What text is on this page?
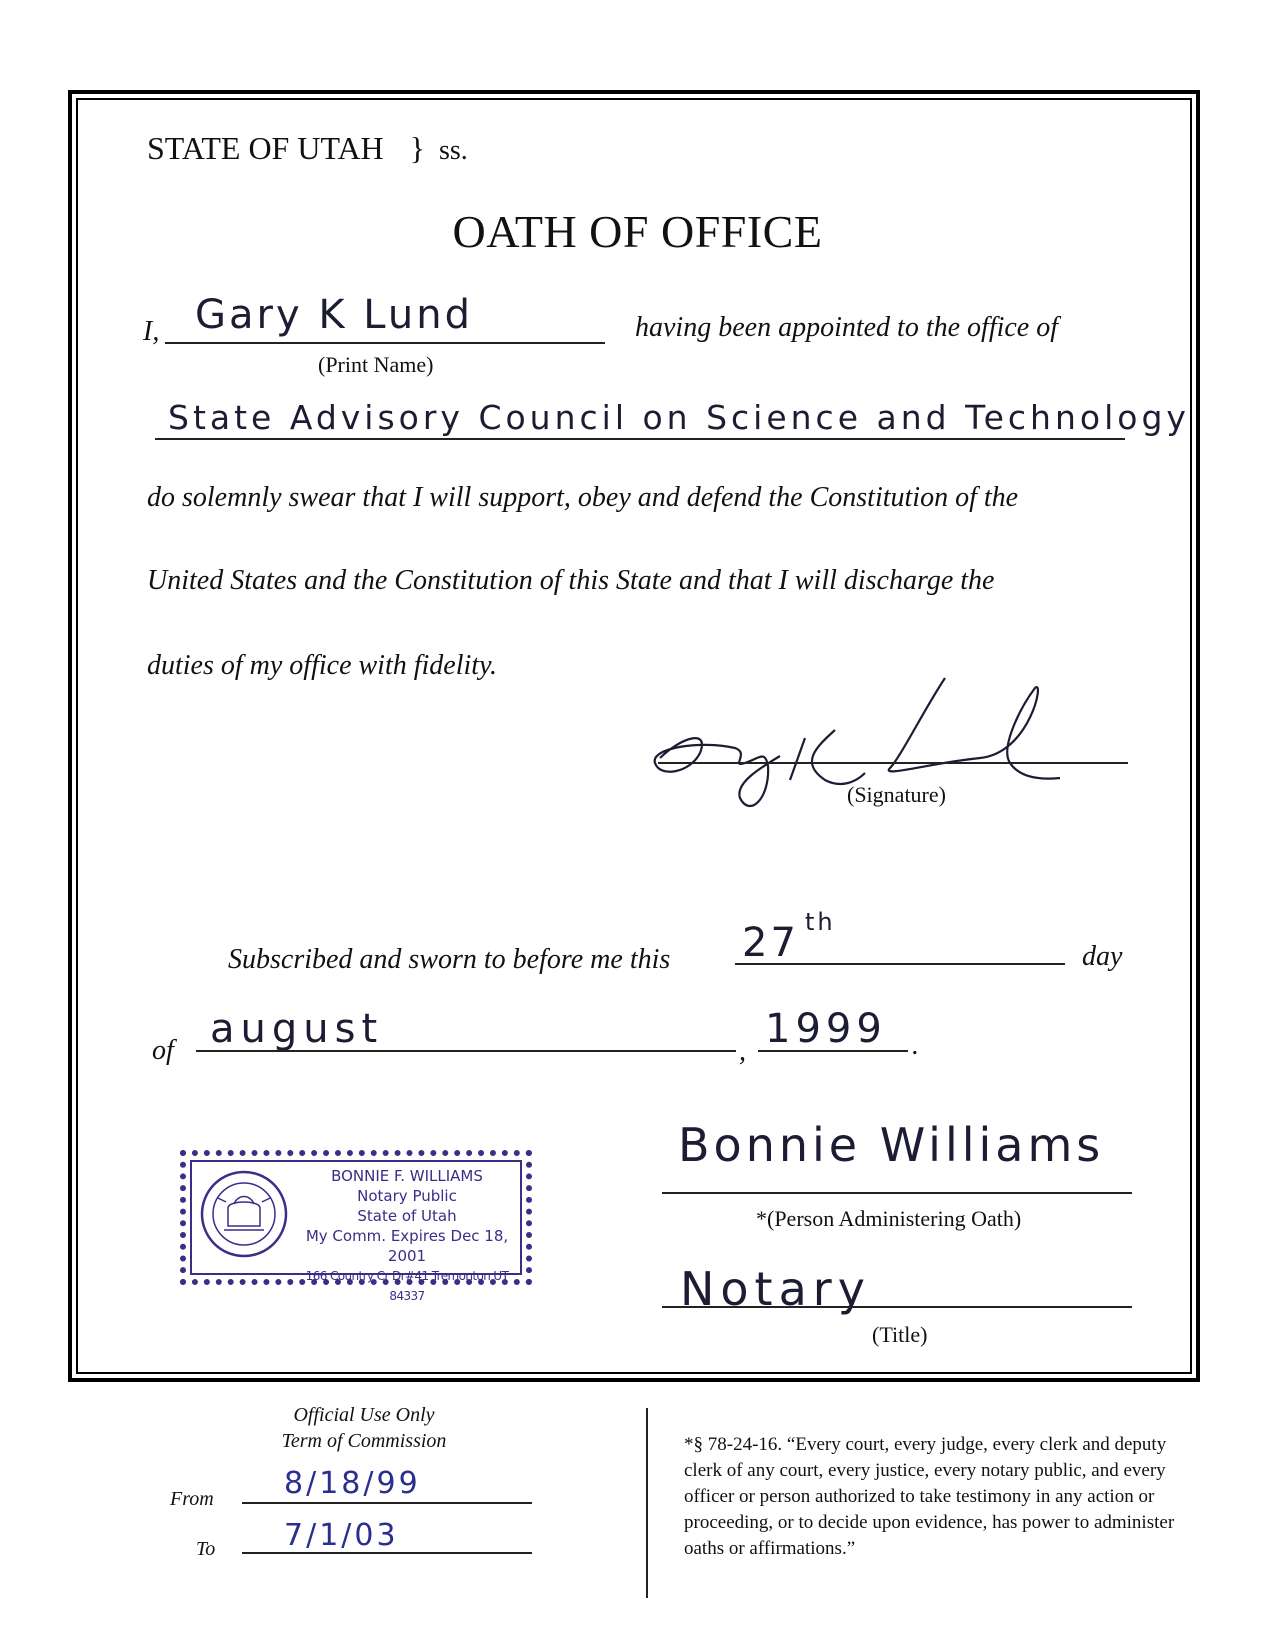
STATE OF UTAH } ss.
OATH OF OFFICE
I, Gary K Lund
(Print Name)
having been appointed to the office of
State Advisory Council on Science and Technology
do solemnly swear that I will support, obey and defend the Constitution of the
United States and the Constitution of this State and that I will discharge the
duties of my office with fidelity.
(Signature)
Subscribed and sworn to before me this 27 th
day
of august	, 1999 .
BONNIE F. WILLIAMS
Notary Public
State of Utah
My Comm. Expires Dec 18, 2001
166 Country Cr Dr#41 Tremonton UT 84337
Bonnie Williams
*(Person Administering Oath)
Notary
(Title)
Official Use Only
Term of Commission
From 8/18/99
To 7/1/03
*§ 78-24-16. “Every court, every judge, every clerk and deputy clerk of any court, every justice, every notary public, and every officer or person authorized to take testimony in any action or proceeding, or to decide upon evidence, has power to administer oaths or affirmations.”
